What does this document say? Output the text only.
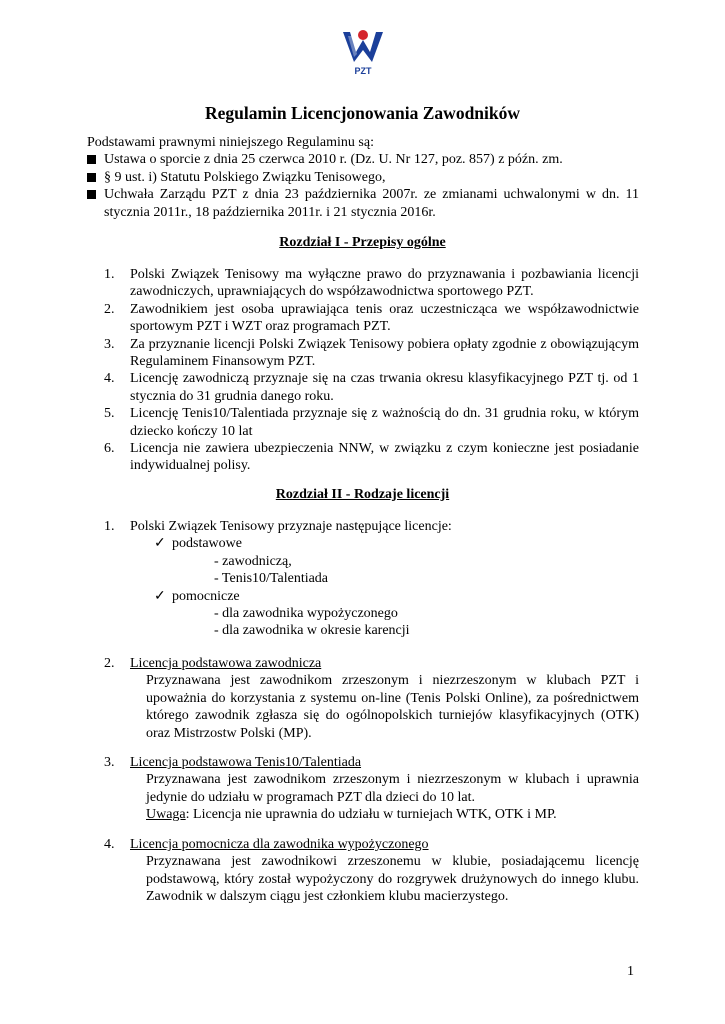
PZT
Regulamin Licencjonowania Zawodników
Podstawami prawnymi niniejszego Regulaminu są:
Ustawa o sporcie z dnia 25 czerwca 2010 r. (Dz. U. Nr 127, poz. 857) z późn. zm.
§ 9 ust. i) Statutu Polskiego Związku Tenisowego,
Uchwała Zarządu PZT z dnia 23 października 2007r. ze zmianami uchwalonymi w dn. 11 stycznia 2011r., 18 października 2011r. i 21 stycznia 2016r.
Rozdział I - Przepisy ogólne
1. Polski Związek Tenisowy ma wyłączne prawo do przyznawania i pozbawiania licencji zawodniczych, uprawniających do współzawodnictwa sportowego PZT.
2. Zawodnikiem jest osoba uprawiająca tenis oraz uczestnicząca we współzawodnictwie sportowym PZT i WZT oraz programach PZT.
3. Za przyznanie licencji Polski Związek Tenisowy pobiera opłaty zgodnie z obowiązującym Regulaminem Finansowym PZT.
4. Licencję zawodniczą przyznaje się na czas trwania okresu klasyfikacyjnego PZT tj. od 1 stycznia do 31 grudnia danego roku.
5. Licencję Tenis10/Talentiada przyznaje się z ważnością do dn. 31 grudnia roku, w którym dziecko kończy 10 lat
6. Licencja nie zawiera ubezpieczenia NNW, w związku z czym konieczne jest posiadanie indywidualnej polisy.
Rozdział II - Rodzaje licencji
1. Polski Związek Tenisowy przyznaje następujące licencje:
✓ podstawowe
- zawodniczą,
- Tenis10/Talentiada
✓ pomocnicze
- dla zawodnika wypożyczonego
- dla zawodnika w okresie karencji
2. Licencja podstawowa zawodnicza
Przyznawana jest zawodnikom zrzeszonym i niezrzeszonym w klubach PZT i upoważnia do korzystania z systemu on-line (Tenis Polski Online), za pośrednictwem którego zawodnik zgłasza się do ogólnopolskich turniejów klasyfikacyjnych (OTK) oraz Mistrzostw Polski (MP).
3. Licencja podstawowa Tenis10/Talentiada
Przyznawana jest zawodnikom zrzeszonym i niezrzeszonym w klubach i uprawnia jedynie do udziału w programach PZT dla dzieci do 10 lat.
Uwaga: Licencja nie uprawnia do udziału w turniejach WTK, OTK i MP.
4. Licencja pomocnicza dla zawodnika wypożyczonego
Przyznawana jest zawodnikowi zrzeszonemu w klubie, posiadającemu licencję podstawową, który został wypożyczony do rozgrywek drużynowych do innego klubu. Zawodnik w dalszym ciągu jest członkiem klubu macierzystego.
1
